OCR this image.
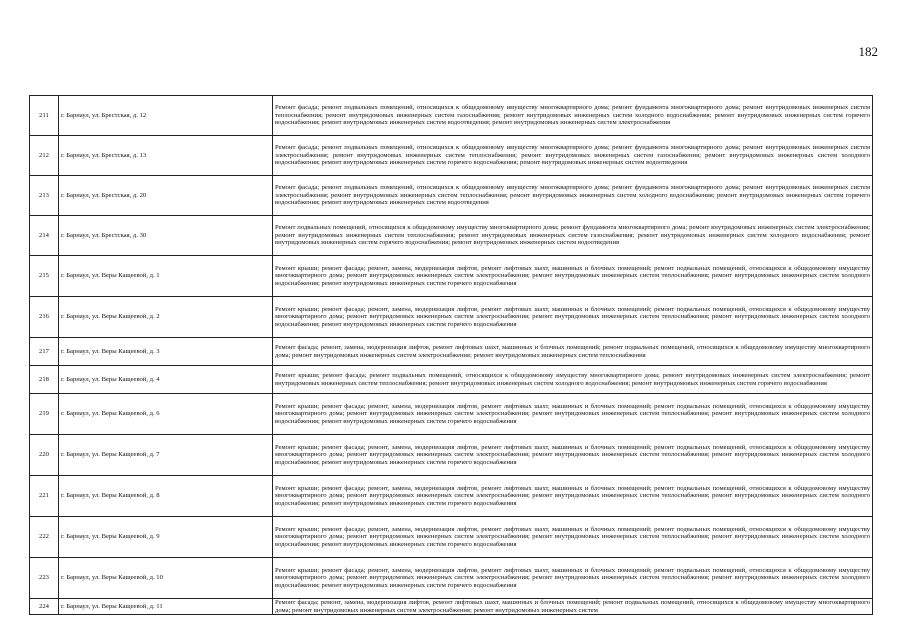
182
211	г. Барнаул, ул. Брестская, д. 12	Ремонт фасада; ремонт подвальных помещений, относящихся к общедомовому имуществу многоквартирного дома; ремонт фундамента многоквартирного дома; ремонт внутридомовых инженерных систем теплоснабжения; ремонт внутридомовых инженерных систем газоснабжения; ремонт внутридомовых инженерных систем холодного водоснабжения; ремонт внутридомовых инженерных систем горячего водоснабжения; ремонт внутридомовых инженерных систем водоотведения; ремонт внутридомовых инженерных систем электроснабжения
212	г. Барнаул, ул. Брестская, д. 13	Ремонт фасада; ремонт подвальных помещений, относящихся к общедомовому имуществу многоквартирного дома; ремонт фундамента многоквартирного дома; ремонт внутридомовых инженерных систем электроснабжения; ремонт внутридомовых инженерных систем теплоснабжения; ремонт внутридомовых инженерных систем газоснабжения; ремонт внутридомовых инженерных систем холодного водоснабжения; ремонт внутридомовых инженерных систем горячего водоснабжения; ремонт внутридомовых инженерных систем водоотведения
213	г. Барнаул, ул. Брестская, д. 20	Ремонт фасада; ремонт подвальных помещений, относящихся к общедомовому имуществу многоквартирного дома; ремонт фундамента многоквартирного дома; ремонт внутридомовых инженерных систем электроснабжения; ремонт внутридомовых инженерных систем теплоснабжения; ремонт внутридомовых инженерных систем холодного водоснабжения; ремонт внутридомовых инженерных систем горячего водоснабжения; ремонт внутридомовых инженерных систем водоотведения
214	г. Барнаул, ул. Брестская, д. 30	Ремонт подвальных помещений, относящихся к общедомовому имуществу многоквартирного дома; ремонт фундамента многоквартирного дома; ремонт внутридомовых инженерных систем электроснабжения; ремонт внутридомовых инженерных систем теплоснабжения; ремонт внутридомовых инженерных систем газоснабжения; ремонт внутридомовых инженерных систем холодного водоснабжения; ремонт внутридомовых инженерных систем горячего водоснабжения; ремонт внутридомовых инженерных систем водоотведения
215	г. Барнаул, ул. Веры Кащеевой, д. 1	Ремонт крыши; ремонт фасада; ремонт, замена, модернизация лифтов, ремонт лифтовых шахт, машинных и блочных помещений; ремонт подвальных помещений, относящихся к общедомовому имуществу многоквартирного дома; ремонт внутридомовых инженерных систем электроснабжения; ремонт внутридомовых инженерных систем теплоснабжения; ремонт внутридомовых инженерных систем холодного водоснабжения; ремонт внутридомовых инженерных систем горячего водоснабжения
216	г. Барнаул, ул. Веры Кащеевой, д. 2	Ремонт крыши; ремонт фасада; ремонт, замена, модернизация лифтов, ремонт лифтовых шахт, машинных и блочных помещений; ремонт подвальных помещений, относящихся к общедомовому имуществу многоквартирного дома; ремонт внутридомовых инженерных систем электроснабжения; ремонт внутридомовых инженерных систем теплоснабжения; ремонт внутридомовых инженерных систем холодного водоснабжения; ремонт внутридомовых инженерных систем горячего водоснабжения
217	г. Барнаул, ул. Веры Кащеевой, д. 3	Ремонт фасада; ремонт, замена, модернизация лифтов, ремонт лифтовых шахт, машинных и блочных помещений; ремонт подвальных помещений, относящихся к общедомовому имуществу многоквартирного дома; ремонт внутридомовых инженерных систем электроснабжения; ремонт внутридомовых инженерных систем теплоснабжения
218	г. Барнаул, ул. Веры Кащеевой, д. 4	Ремонт крыши; ремонт фасада; ремонт подвальных помещений, относящихся к общедомовому имуществу многоквартирного дома; ремонт внутридомовых инженерных систем электроснабжения; ремонт внутридомовых инженерных систем теплоснабжения; ремонт внутридомовых инженерных систем холодного водоснабжения; ремонт внутридомовых инженерных систем горячего водоснабжения
219	г. Барнаул, ул. Веры Кащеевой, д. 6	Ремонт крыши; ремонт фасада; ремонт, замена, модернизация лифтов, ремонт лифтовых шахт, машинных и блочных помещений; ремонт подвальных помещений, относящихся к общедомовому имуществу многоквартирного дома; ремонт внутридомовых инженерных систем электроснабжения; ремонт внутридомовых инженерных систем теплоснабжения; ремонт внутридомовых инженерных систем холодного водоснабжения; ремонт внутридомовых инженерных систем горячего водоснабжения
220	г. Барнаул, ул. Веры Кащеевой, д. 7	Ремонт крыши; ремонт фасада; ремонт, замена, модернизация лифтов, ремонт лифтовых шахт, машинных и блочных помещений; ремонт подвальных помещений, относящихся к общедомовому имуществу многоквартирного дома; ремонт внутридомовых инженерных систем электроснабжения; ремонт внутридомовых инженерных систем теплоснабжения; ремонт внутридомовых инженерных систем холодного водоснабжения; ремонт внутридомовых инженерных систем горячего водоснабжения
221	г. Барнаул, ул. Веры Кащеевой, д. 8	Ремонт крыши; ремонт фасада; ремонт, замена, модернизация лифтов, ремонт лифтовых шахт, машинных и блочных помещений; ремонт подвальных помещений, относящихся к общедомовому имуществу многоквартирного дома; ремонт внутридомовых инженерных систем электроснабжения; ремонт внутридомовых инженерных систем теплоснабжения; ремонт внутридомовых инженерных систем холодного водоснабжения; ремонт внутридомовых инженерных систем горячего водоснабжения
222	г. Барнаул, ул. Веры Кащеевой, д. 9	Ремонт крыши; ремонт фасада; ремонт, замена, модернизация лифтов, ремонт лифтовых шахт, машинных и блочных помещений; ремонт подвальных помещений, относящихся к общедомовому имуществу многоквартирного дома; ремонт внутридомовых инженерных систем электроснабжения; ремонт внутридомовых инженерных систем теплоснабжения; ремонт внутридомовых инженерных систем холодного водоснабжения; ремонт внутридомовых инженерных систем горячего водоснабжения
223	г. Барнаул, ул. Веры Кащеевой, д. 10	Ремонт крыши; ремонт фасада; ремонт, замена, модернизация лифтов, ремонт лифтовых шахт, машинных и блочных помещений; ремонт подвальных помещений, относящихся к общедомовому имуществу многоквартирного дома; ремонт внутридомовых инженерных систем электроснабжения; ремонт внутридомовых инженерных систем теплоснабжения; ремонт внутридомовых инженерных систем холодного водоснабжения; ремонт внутридомовых инженерных систем горячего водоснабжения
224	г. Барнаул, ул. Веры Кащеевой, д. 11	Ремонт фасада; ремонт, замена, модернизация лифтов, ремонт лифтовых шахт, машинных и блочных помещений; ремонт подвальных помещений, относящихся к общедомовому имуществу многоквартирного дома; ремонт внутридомовых инженерных систем электроснабжения; ремонт внутридомовых инженерных систем
